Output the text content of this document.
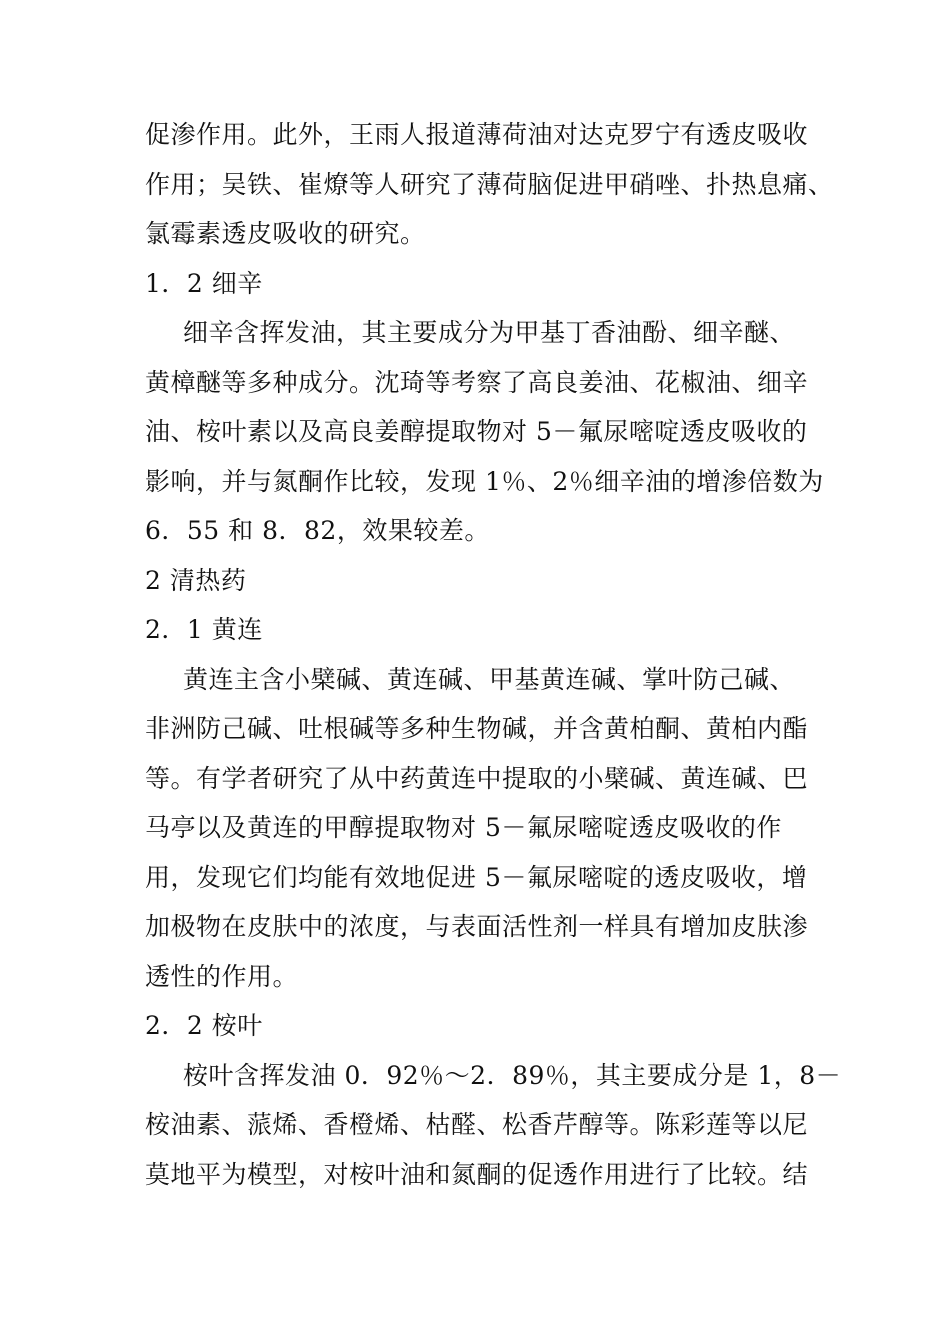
促渗作用。此外，王雨人报道薄荷油对达克罗宁有透皮吸收
作用；吴铁、崔燎等人研究了薄荷脑促进甲硝唑、扑热息痛、
氯霉素透皮吸收的研究。
1．2 细辛
细辛含挥发油，其主要成分为甲基丁香油酚、细辛醚、
黄樟醚等多种成分。沈琦等考察了高良姜油、花椒油、细辛
油、桉叶素以及高良姜醇提取物对 5－氟尿嘧啶透皮吸收的
影响，并与氮酮作比较，发现 1％、2％细辛油的增渗倍数为
6．55 和 8．82，效果较差。
2 清热药
2．1 黄连
黄连主含小檗碱、黄连碱、甲基黄连碱、掌叶防己碱、
非洲防己碱、吐根碱等多种生物碱，并含黄柏酮、黄柏内酯
等。有学者研究了从中药黄连中提取的小檗碱、黄连碱、巴
马亭以及黄连的甲醇提取物对 5－氟尿嘧啶透皮吸收的作
用，发现它们均能有效地促进 5－氟尿嘧啶的透皮吸收，增
加极物在皮肤中的浓度，与表面活性剂一样具有增加皮肤渗
透性的作用。
2．2 桉叶
桉叶含挥发油 0．92％～2．89％，其主要成分是 1，8－
桉油素、蒎烯、香橙烯、枯醛、松香芹醇等。陈彩莲等以尼
莫地平为模型，对桉叶油和氮酮的促透作用进行了比较。结
